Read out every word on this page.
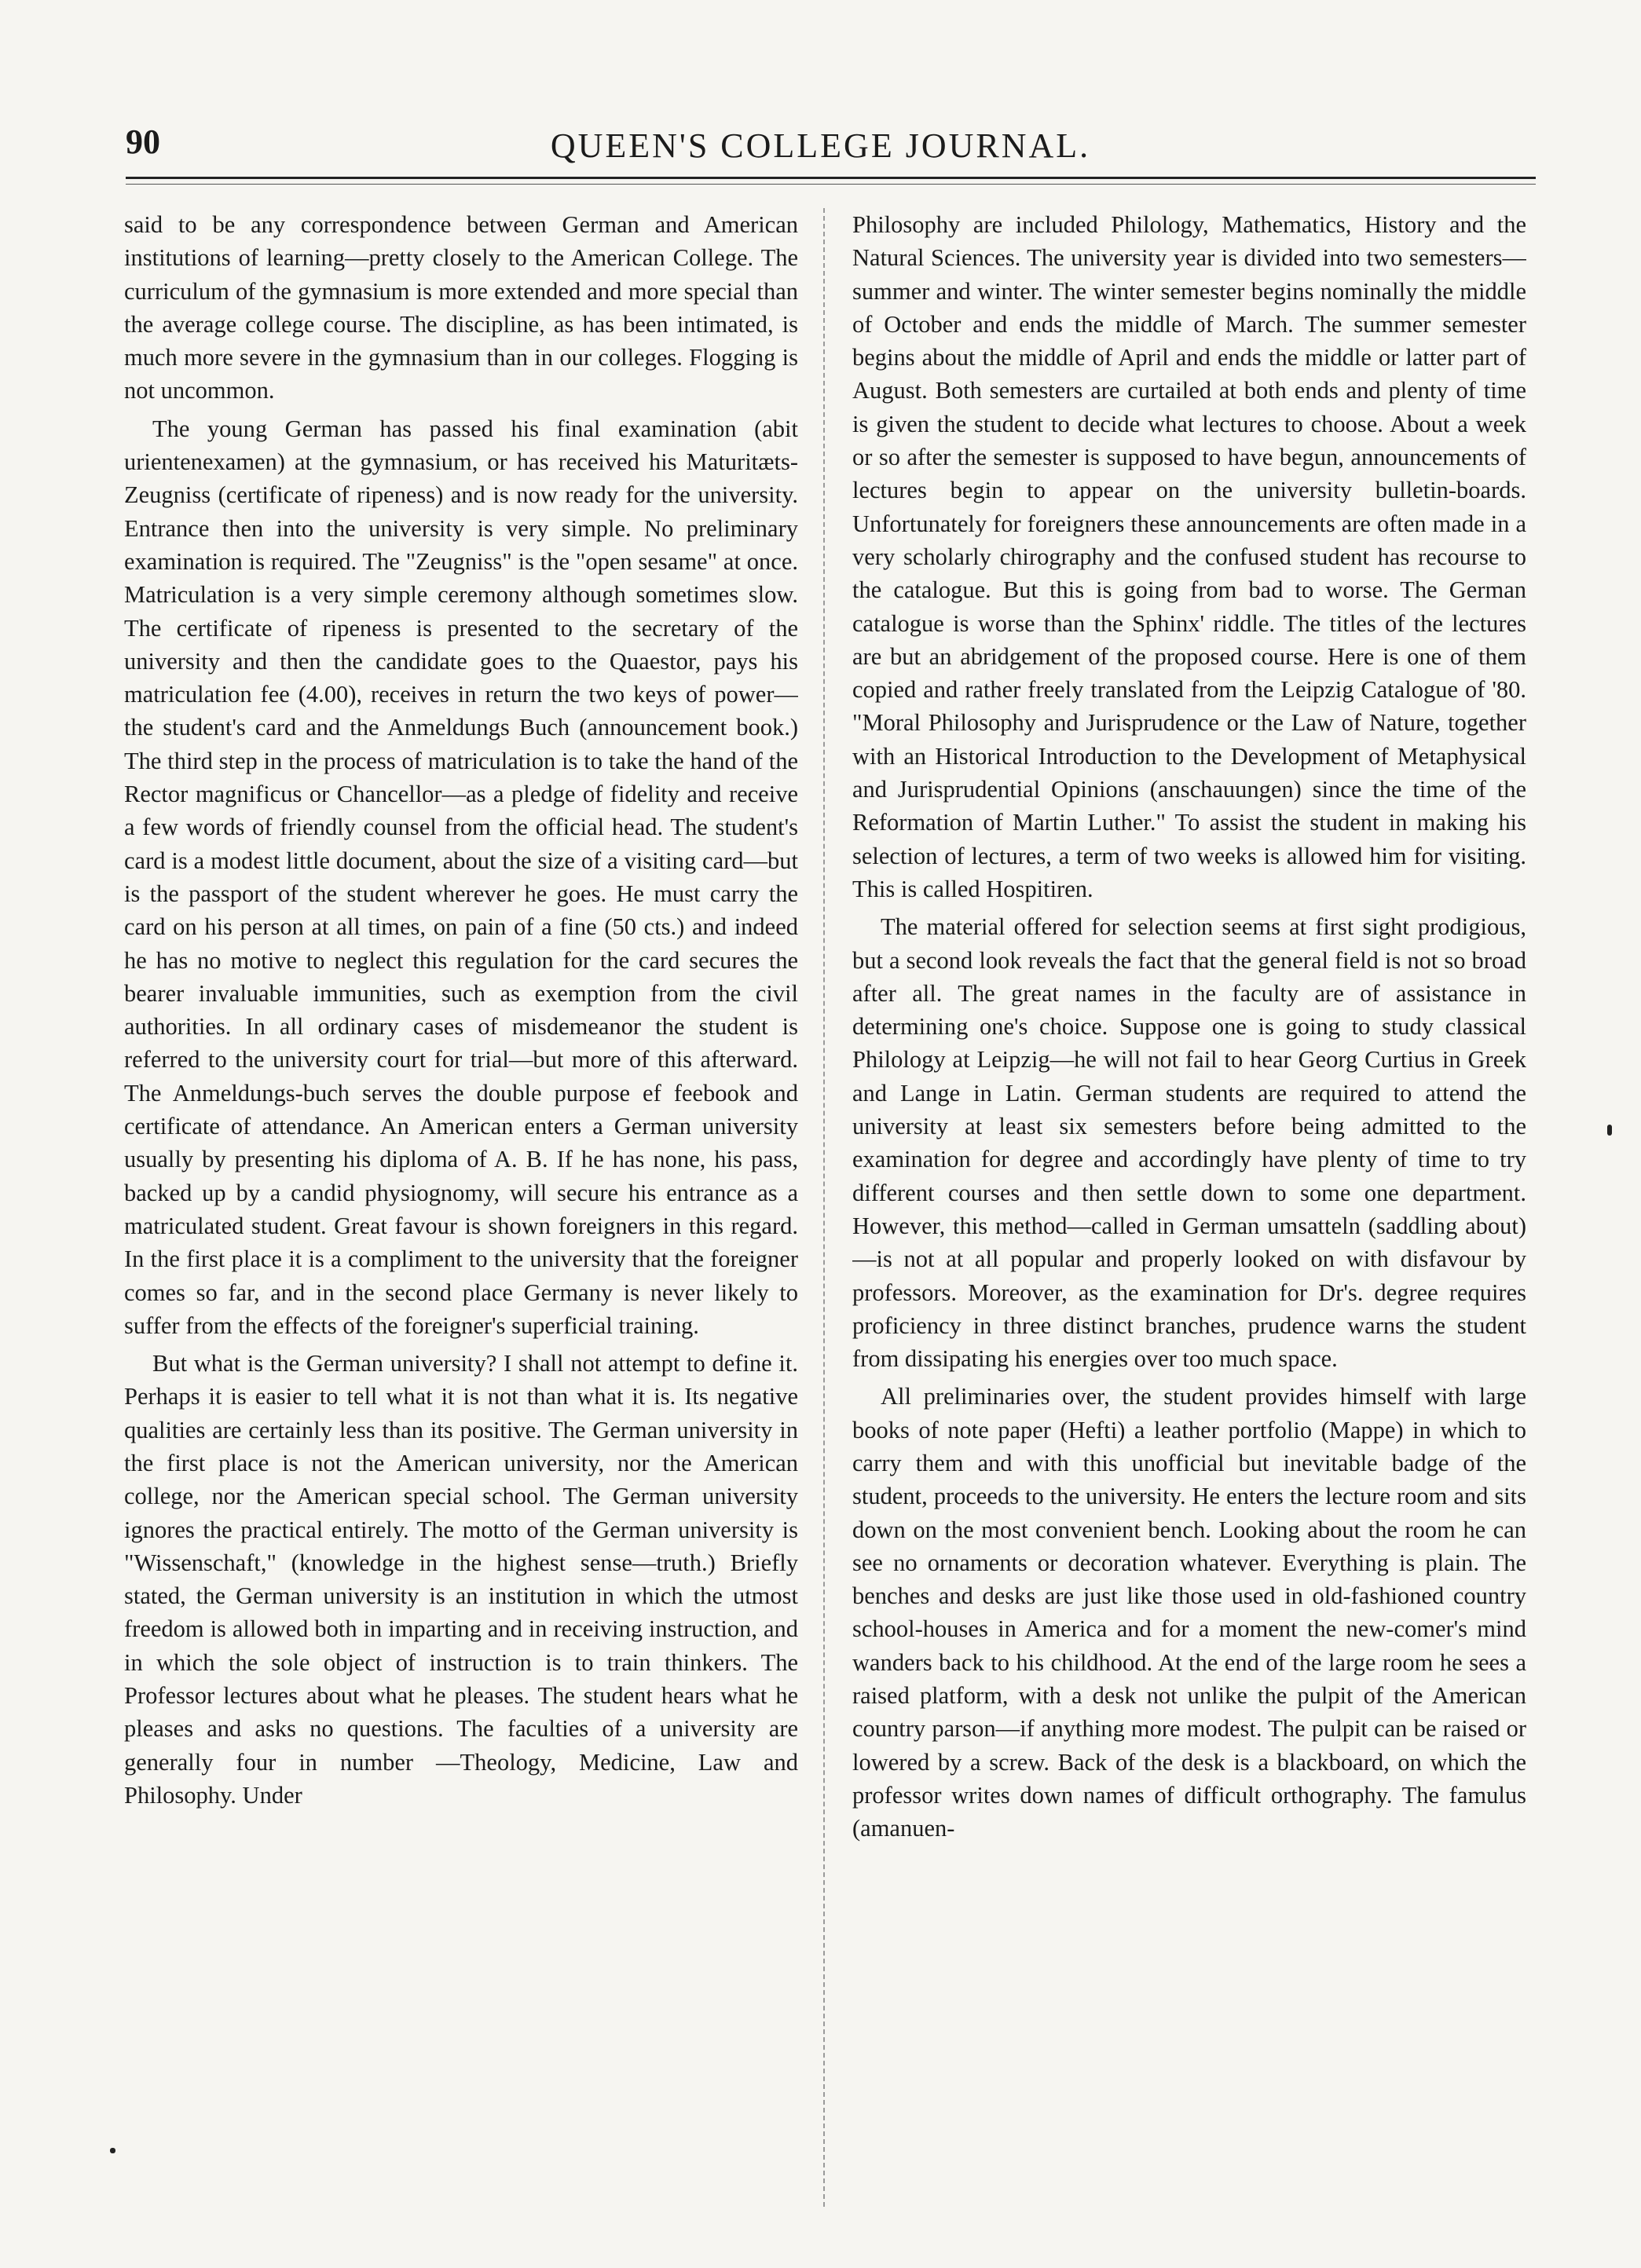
90	QUEEN'S COLLEGE JOURNAL.

said to be any correspondence between German and American institutions of learning—pretty closely to the American College. The curriculum of the gymnasium is more extended and more special than the average college course. The discipline, as has been intimated, is much more severe in the gymnasium than in our colleges. Flogging is not uncommon.

The young German has passed his final examination (abit urientenexamen) at the gymnasium, or has received his Maturitæts-Zeugniss (certificate of ripeness) and is now ready for the university. Entrance then into the university is very simple. No preliminary examination is required. The "Zeugniss" is the "open sesame" at once. Matriculation is a very simple ceremony although sometimes slow. The certificate of ripeness is presented to the secretary of the university and then the candidate goes to the Quaestor, pays his matriculation fee (4.00), receives in return the two keys of power—the student's card and the Anmeldungs Buch (announcement book.) The third step in the process of matriculation is to take the hand of the Rector magnificus or Chancellor—as a pledge of fidelity and receive a few words of friendly counsel from the official head. The student's card is a modest little document, about the size of a visiting card—but is the passport of the student wherever he goes. He must carry the card on his person at all times, on pain of a fine (50 cts.) and indeed he has no motive to neglect this regulation for the card secures the bearer invaluable immunities, such as exemption from the civil authorities. In all ordinary cases of misdemeanor the student is referred to the university court for trial—but more of this afterward. The Anmeldungs-buch serves the double purpose ef feebook and certificate of attendance. An American enters a German university usually by presenting his diploma of A. B. If he has none, his pass, backed up by a candid physiognomy, will secure his entrance as a matriculated student. Great favour is shown foreigners in this regard. In the first place it is a compliment to the university that the foreigner comes so far, and in the second place Germany is never likely to suffer from the effects of the foreigner's superficial training.

But what is the German university? I shall not attempt to define it. Perhaps it is easier to tell what it is not than what it is. Its negative qualities are certainly less than its positive. The German university in the first place is not the American university, nor the American college, nor the American special school. The German university ignores the practical entirely. The motto of the German university is "Wissenschaft," (knowledge in the highest sense—truth.) Briefly stated, the German university is an institution in which the utmost freedom is allowed both in imparting and in receiving instruction, and in which the sole object of instruction is to train thinkers. The Professor lectures about what he pleases. The student hears what he pleases and asks no questions. The faculties of a university are generally four in number —Theology, Medicine, Law and Philosophy. Under

Philosophy are included Philology, Mathematics, History and the Natural Sciences. The university year is divided into two semesters—summer and winter. The winter semester begins nominally the middle of October and ends the middle of March. The summer semester begins about the middle of April and ends the middle or latter part of August. Both semesters are curtailed at both ends and plenty of time is given the student to decide what lectures to choose. About a week or so after the semester is supposed to have begun, announcements of lectures begin to appear on the university bulletin-boards. Unfortunately for foreigners these announcements are often made in a very scholarly chirography and the confused student has recourse to the catalogue. But this is going from bad to worse. The German catalogue is worse than the Sphinx' riddle. The titles of the lectures are but an abridgement of the proposed course. Here is one of them copied and rather freely translated from the Leipzig Catalogue of '80. "Moral Philosophy and Jurisprudence or the Law of Nature, together with an Historical Introduction to the Development of Metaphysical and Jurisprudential Opinions (anschauungen) since the time of the Reformation of Martin Luther." To assist the student in making his selection of lectures, a term of two weeks is allowed him for visiting. This is called Hospitiren.

The material offered for selection seems at first sight prodigious, but a second look reveals the fact that the general field is not so broad after all. The great names in the faculty are of assistance in determining one's choice. Suppose one is going to study classical Philology at Leipzig—he will not fail to hear Georg Curtius in Greek and Lange in Latin. German students are required to attend the university at least six semesters before being admitted to the examination for degree and accordingly have plenty of time to try different courses and then settle down to some one department. However, this method—called in German umsatteln (saddling about)—is not at all popular and properly looked on with disfavour by professors. Moreover, as the examination for Dr's. degree requires proficiency in three distinct branches, prudence warns the student from dissipating his energies over too much space.

All preliminaries over, the student provides himself with large books of note paper (Hefti) a leather portfolio (Mappe) in which to carry them and with this unofficial but inevitable badge of the student, proceeds to the university. He enters the lecture room and sits down on the most convenient bench. Looking about the room he can see no ornaments or decoration whatever. Everything is plain. The benches and desks are just like those used in old-fashioned country school-houses in America and for a moment the new-comer's mind wanders back to his childhood. At the end of the large room he sees a raised platform, with a desk not unlike the pulpit of the American country parson—if anything more modest. The pulpit can be raised or lowered by a screw. Back of the desk is a blackboard, on which the professor writes down names of difficult orthography. The famulus (amanuen-
